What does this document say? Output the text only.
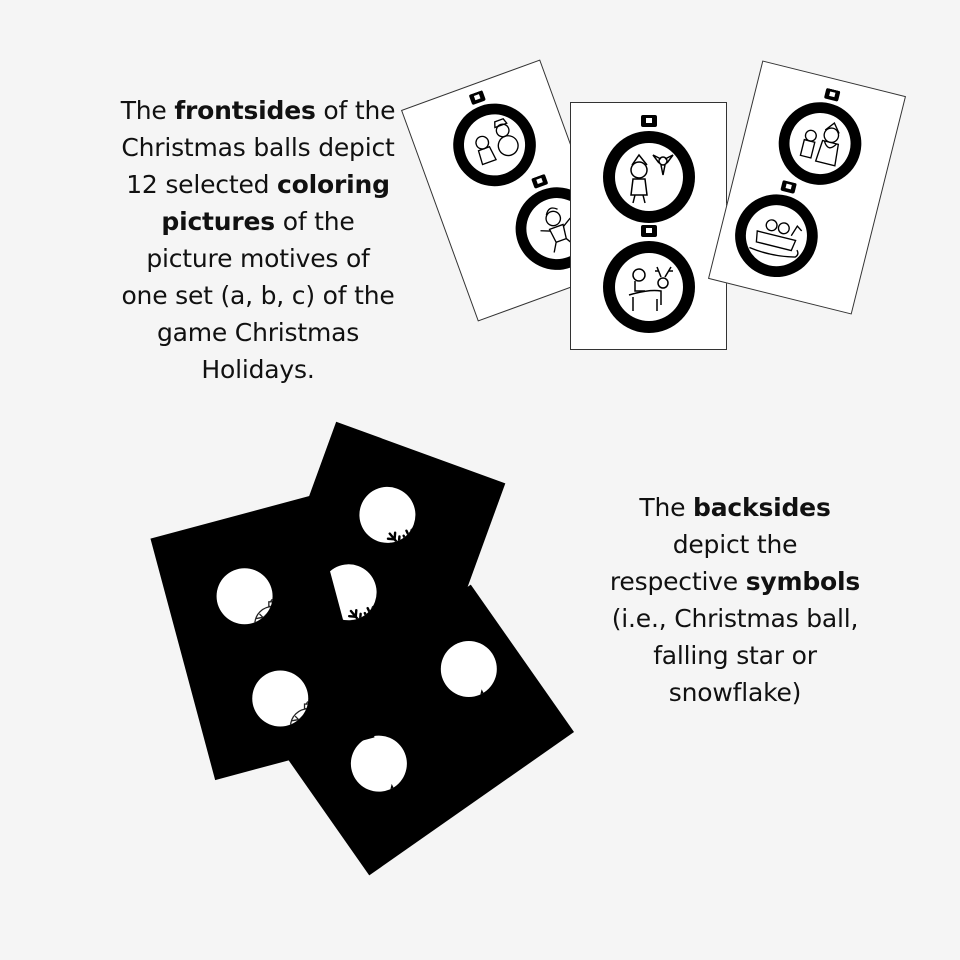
The frontsides of the
Christmas balls depict
12 selected coloring
pictures of the
picture motives of
one set (a, b, c) of the
game Christmas
Holidays.
The backsides
depict the
respective symbols
(i.e., Christmas ball,
falling star or
snowflake)
